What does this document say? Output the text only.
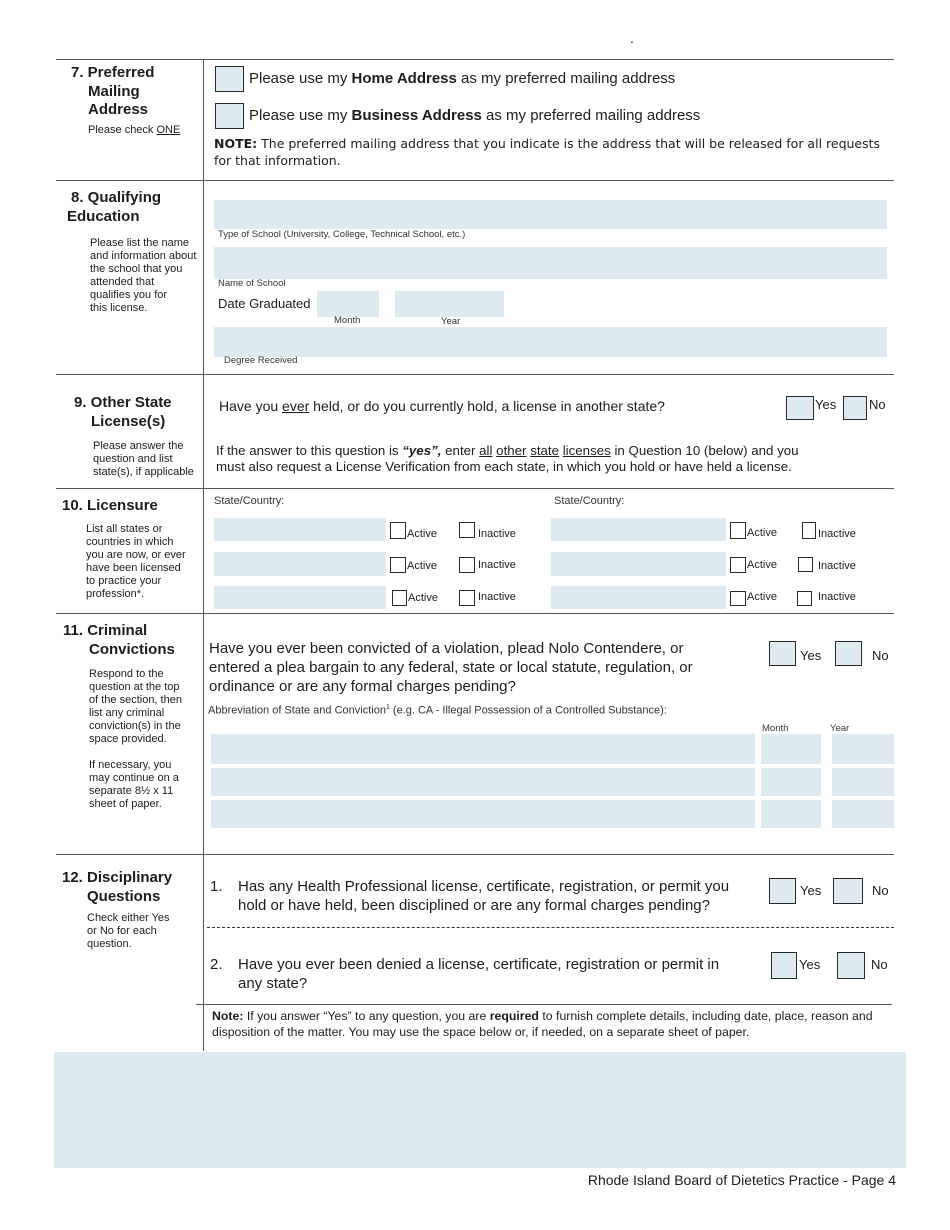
.
7. Preferred
Mailing
Address
Please check ONE
Please use my Home Address as my preferred mailing address
Please use my Business Address as my preferred mailing address
NOTE: The preferred mailing address that you indicate is the address that will be released for all requests for that information.
8. Qualifying
Education
Please list the name
and information about
the school that you
attended that
qualifies you for
this license.
Type of School (University, College, Technical School, etc.)
Name of School
Date Graduated
Month	Year
Degree Received
9. Other State
License(s)
Please answer the
question and list
state(s), if applicable
Have you ever held, or do you currently hold, a license in another state?	Yes	No
If the answer to this question is “yes”, enter all other state licenses in Question 10 (below) and you
must also request a License Verification from each state, in which you hold or have held a license.
10. Licensure
List all states or
countries in which
you are now, or ever
have been licensed
to practice your
profession*.
State/Country:	State/Country:
Active	Inactive	Active	Inactive
Active	Inactive	Active	Inactive
Active	Inactive	Active	Inactive
11. Criminal
Convictions
Respond to the
question at the top
of the section, then
list any criminal
conviction(s) in the
space provided.
If necessary, you
may continue on a
separate 8½ x 11
sheet of paper.
Have you ever been convicted of a violation, plead Nolo Contendere, or
entered a plea bargain to any federal, state or local statute, regulation, or
ordinance or are any formal charges pending?
Yes	No
Abbreviation of State and Conviction$^1$ (e.g. CA - Illegal Possession of a Controlled Substance):
Month	Year
12. Disciplinary
Questions
Check either Yes
or No for each
question.
1. Has any Health Professional license, certificate, registration, or permit you
hold or have held, been disciplined or are any formal charges pending?
Yes	No
2. Have you ever been denied a license, certificate, registration or permit in
any state?
Yes	No
Note: If you answer “Yes” to any question, you are required to furnish complete details, including date, place, reason and
disposition of the matter. You may use the space below or, if needed, on a separate sheet of paper.
Rhode Island Board of Dietetics Practice - Page 4
